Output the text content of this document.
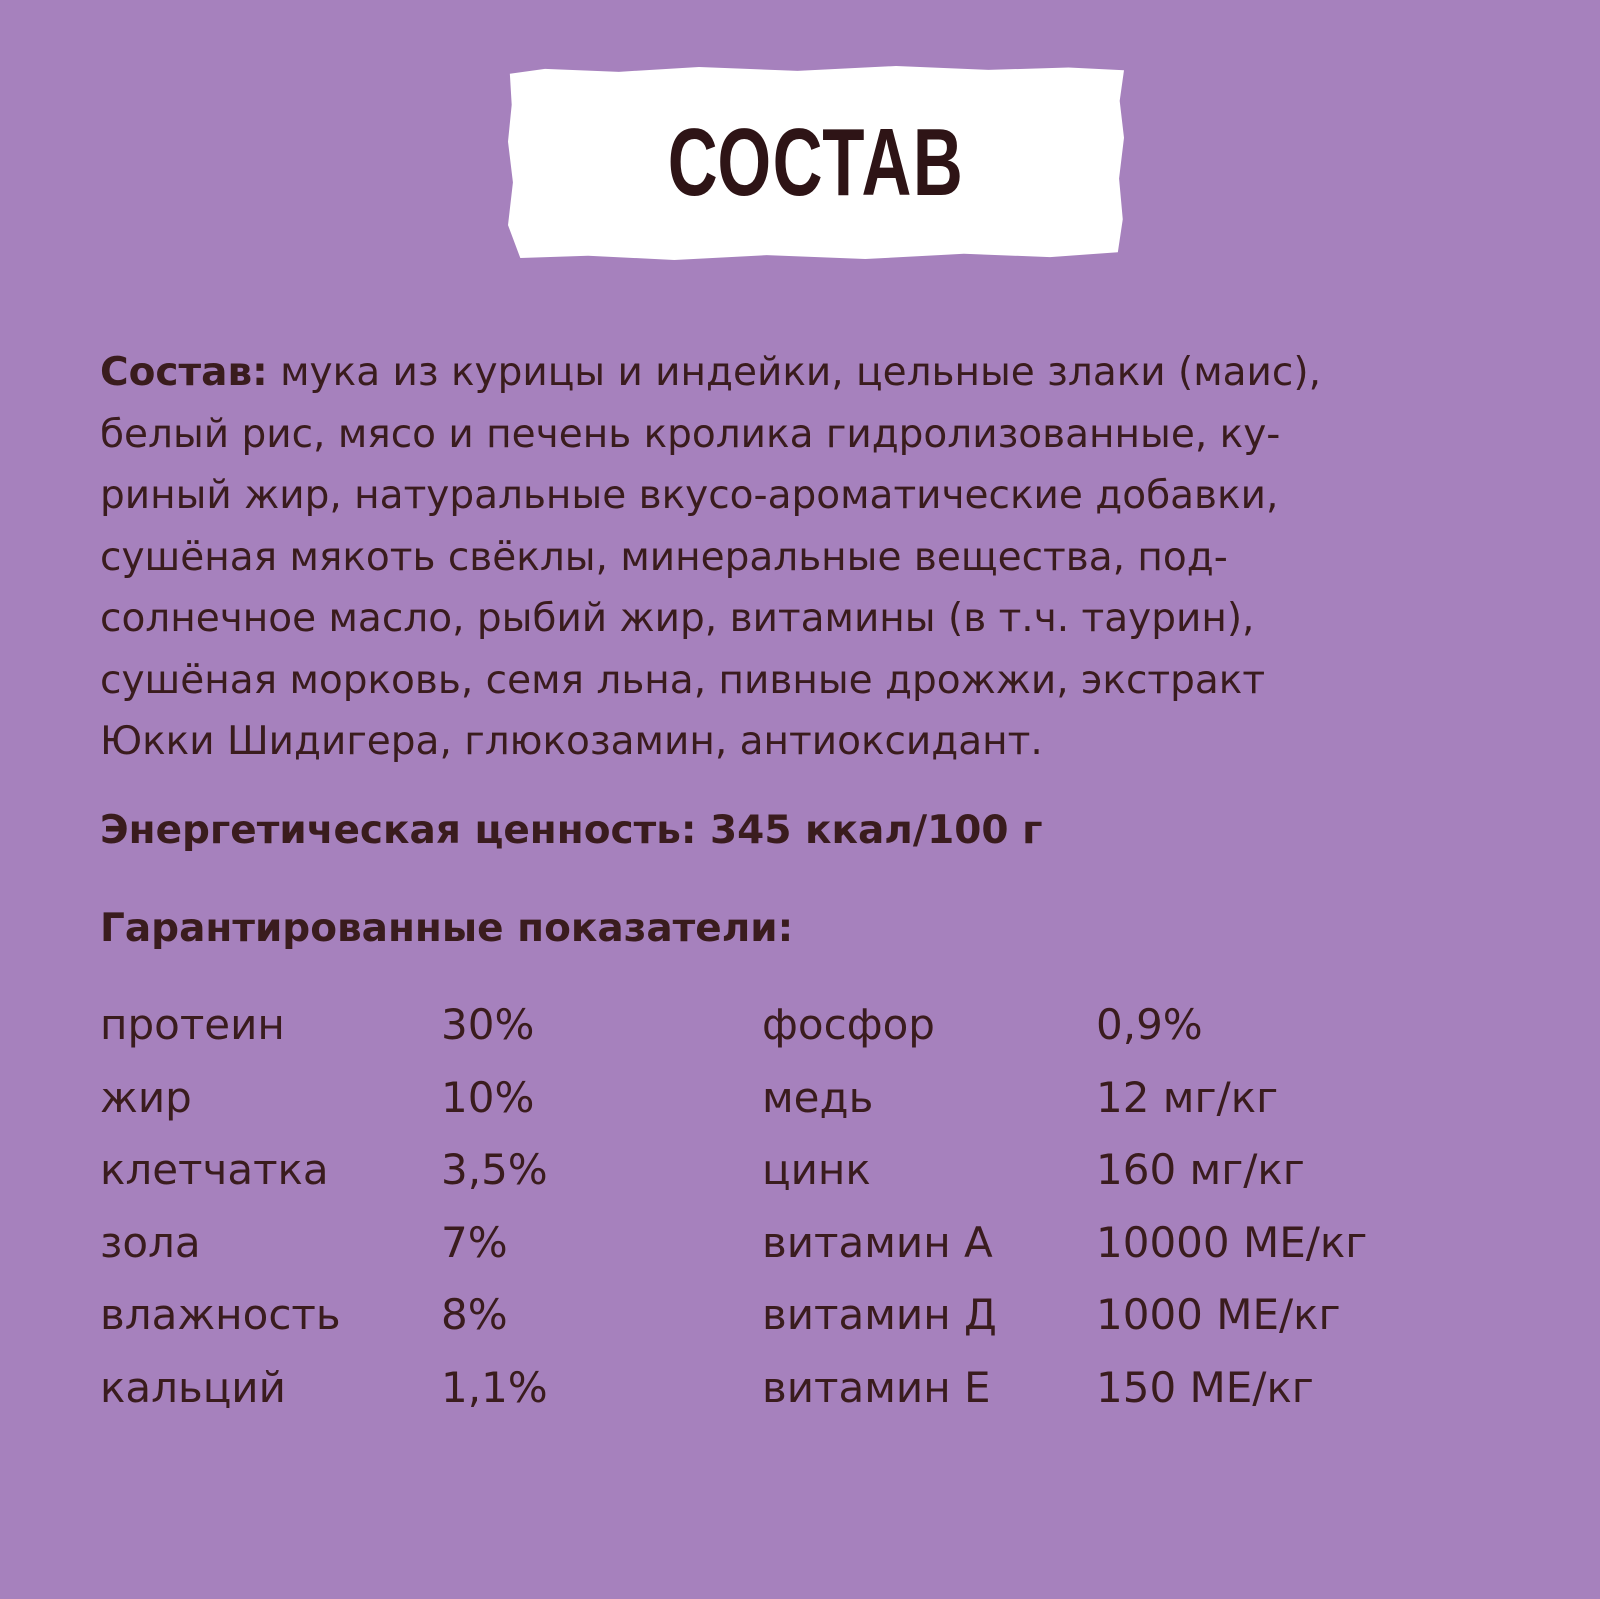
СОСТАВ

Состав: мука из курицы и индейки, цельные злаки (маис),
белый рис, мясо и печень кролика гидролизованные, ку-
риный жир, натуральные вкусо-ароматические добавки,
сушёная мякоть свёклы, минеральные вещества, под-
солнечное масло, рыбий жир, витамины (в т.ч. таурин),
сушёная морковь, семя льна, пивные дрожжи, экстракт
Юкки Шидигера, глюкозамин, антиоксидант.

Энергетическая ценность: 345 ккал/100 г

Гарантированные показатели:

протеин	30%	фосфор	0,9%
жир	10%	медь	12 мг/кг
клетчатка	3,5%	цинк	160 мг/кг
зола	7%	витамин А 10000 МЕ/кг
влажность 8%	витамин Д 1000 МЕ/кг
кальций	1,1%	витамин Е	150 МЕ/кг
